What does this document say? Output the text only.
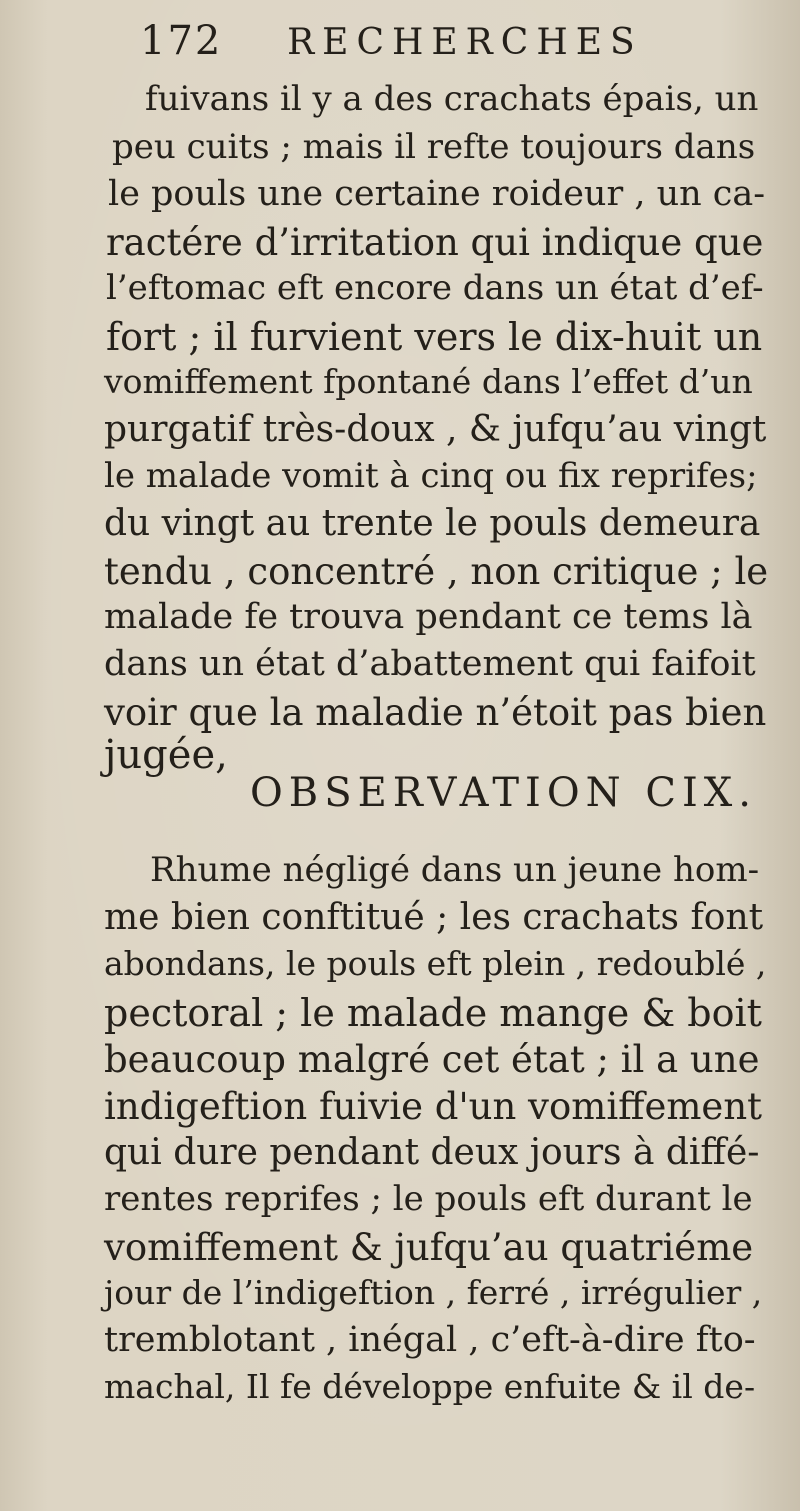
172 RECHERCHES
fuivans il y a des crachats épais, un
peu cuits ; mais il refte toujours dans
le pouls une certaine roideur , un ca-
ractére d’irritation qui indique que
l’eftomac eft encore dans un état d’ef-
fort ; il furvient vers le dix-huit un
vomiffement fpontané dans l’effet d’un
purgatif très-doux , & jufqu’au vingt
le malade vomit à cinq ou fix reprifes;
du vingt au trente le pouls demeura
tendu , concentré , non critique ; le
malade fe trouva pendant ce tems là
dans un état d’abattement qui faifoit
voir que la maladie n’étoit pas bien
jugée,
OBSERVATION CIX.
Rhume négligé dans un jeune hom-
me bien conftitué ; les crachats font
abondans, le pouls eft plein , redoublé ,
pectoral ; le malade mange & boit
beaucoup malgré cet état ; il a une
indigeftion fuivie d'un vomiffement
qui dure pendant deux jours à diffé-
rentes reprifes ; le pouls eft durant le
vomiffement & jufqu’au quatriéme
jour de l’indigeftion , ferré , irrégulier ,
tremblotant , inégal , c’eft-à-dire fto-
machal, Il fe développe enfuite & il de-
